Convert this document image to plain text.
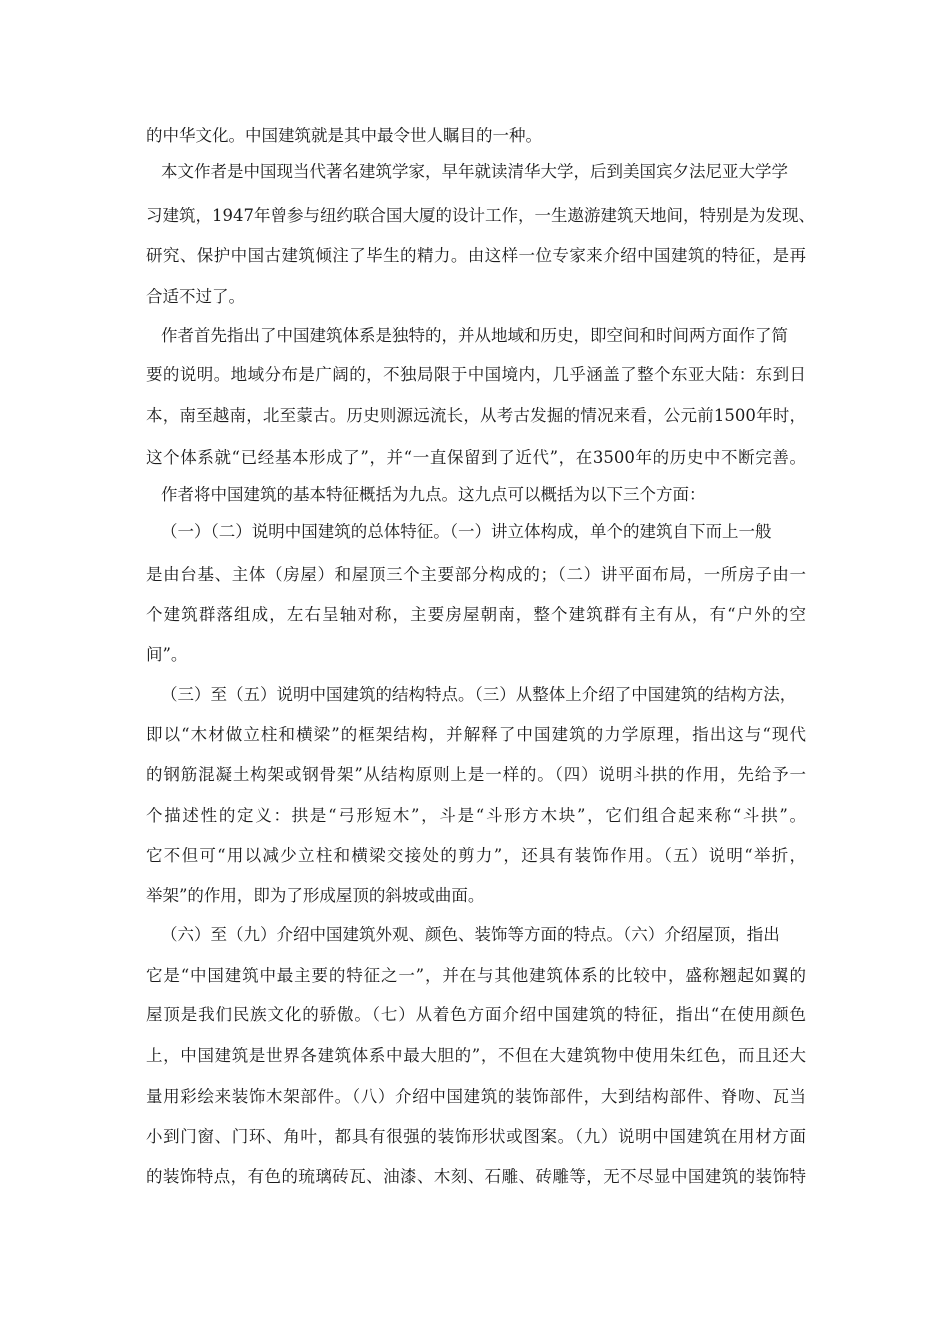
的中华文化。中国建筑就是其中最令世人瞩目的一种。
本文作者是中国现当代著名建筑学家，早年就读清华大学，后到美国宾夕法尼亚大学学
习建筑，1947年曾参与纽约联合国大厦的设计工作，一生遨游建筑天地间，特别是为发现、
研究、保护中国古建筑倾注了毕生的精力。由这样一位专家来介绍中国建筑的特征，是再
合适不过了。
作者首先指出了中国建筑体系是独特的，并从地域和历史，即空间和时间两方面作了简
要的说明。地域分布是广阔的，不独局限于中国境内，几乎涵盖了整个东亚大陆：东到日
本，南至越南，北至蒙古。历史则源远流长，从考古发掘的情况来看，公元前1500年时，
这个体系就“已经基本形成了”，并“一直保留到了近代”，在3500年的历史中不断完善。
作者将中国建筑的基本特征概括为九点。这九点可以概括为以下三个方面：
（一）（二）说明中国建筑的总体特征。（一）讲立体构成，单个的建筑自下而上一般
是由台基、主体（房屋）和屋顶三个主要部分构成的；（二）讲平面布局，一所房子由一
个建筑群落组成，左右呈轴对称，主要房屋朝南，整个建筑群有主有从，有“户外的空
间”。
（三）至（五）说明中国建筑的结构特点。（三）从整体上介绍了中国建筑的结构方法，
即以“木材做立柱和横梁”的框架结构，并解释了中国建筑的力学原理，指出这与“现代
的钢筋混凝土构架或钢骨架”从结构原则上是一样的。（四）说明斗拱的作用，先给予一
个描述性的定义：拱是“弓形短木”，斗是“斗形方木块”，它们组合起来称“斗拱”。
它不但可“用以减少立柱和横梁交接处的剪力”，还具有装饰作用。（五）说明“举折，
举架”的作用，即为了形成屋顶的斜坡或曲面。
（六）至（九）介绍中国建筑外观、颜色、装饰等方面的特点。（六）介绍屋顶，指出
它是“中国建筑中最主要的特征之一”，并在与其他建筑体系的比较中，盛称翘起如翼的
屋顶是我们民族文化的骄傲。（七）从着色方面介绍中国建筑的特征，指出“在使用颜色
上，中国建筑是世界各建筑体系中最大胆的”，不但在大建筑物中使用朱红色，而且还大
量用彩绘来装饰木架部件。（八）介绍中国建筑的装饰部件，大到结构部件、脊吻、瓦当
小到门窗、门环、角叶，都具有很强的装饰形状或图案。（九）说明中国建筑在用材方面
的装饰特点，有色的琉璃砖瓦、油漆、木刻、石雕、砖雕等，无不尽显中国建筑的装饰特
